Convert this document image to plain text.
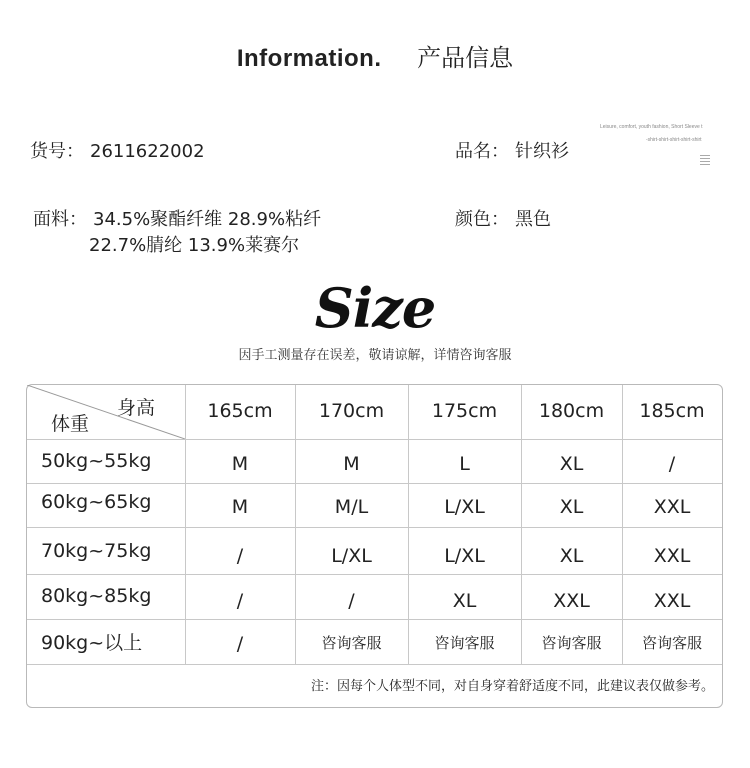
Information. 产品信息
货号： 2611622002	品名： 针织衫
Leisure, comfort, youth fashion, Short Sleeve t
-shirt-shirt-shirt-shirt-shirt
面料： 34.5%聚酯纤维 28.9%粘纤
22.7%腈纶 13.9%莱赛尔
颜色： 黑色
Size
因手工测量存在误差，敬请谅解，详情咨询客服
身高
体重
165cm	170cm	175cm	180cm	185cm
50kg~55kg	M	M	L	XL	/
60kg~65kg	M	M/L	L/XL	XL	XXL
70kg~75kg	/	L/XL	L/XL	XL	XXL
80kg~85kg	/	/	XL	XXL	XXL
90kg~以上	/	咨询客服	咨询客服	咨询客服	咨询客服
注：因每个人体型不同，对自身穿着舒适度不同，此建议表仅做参考。
